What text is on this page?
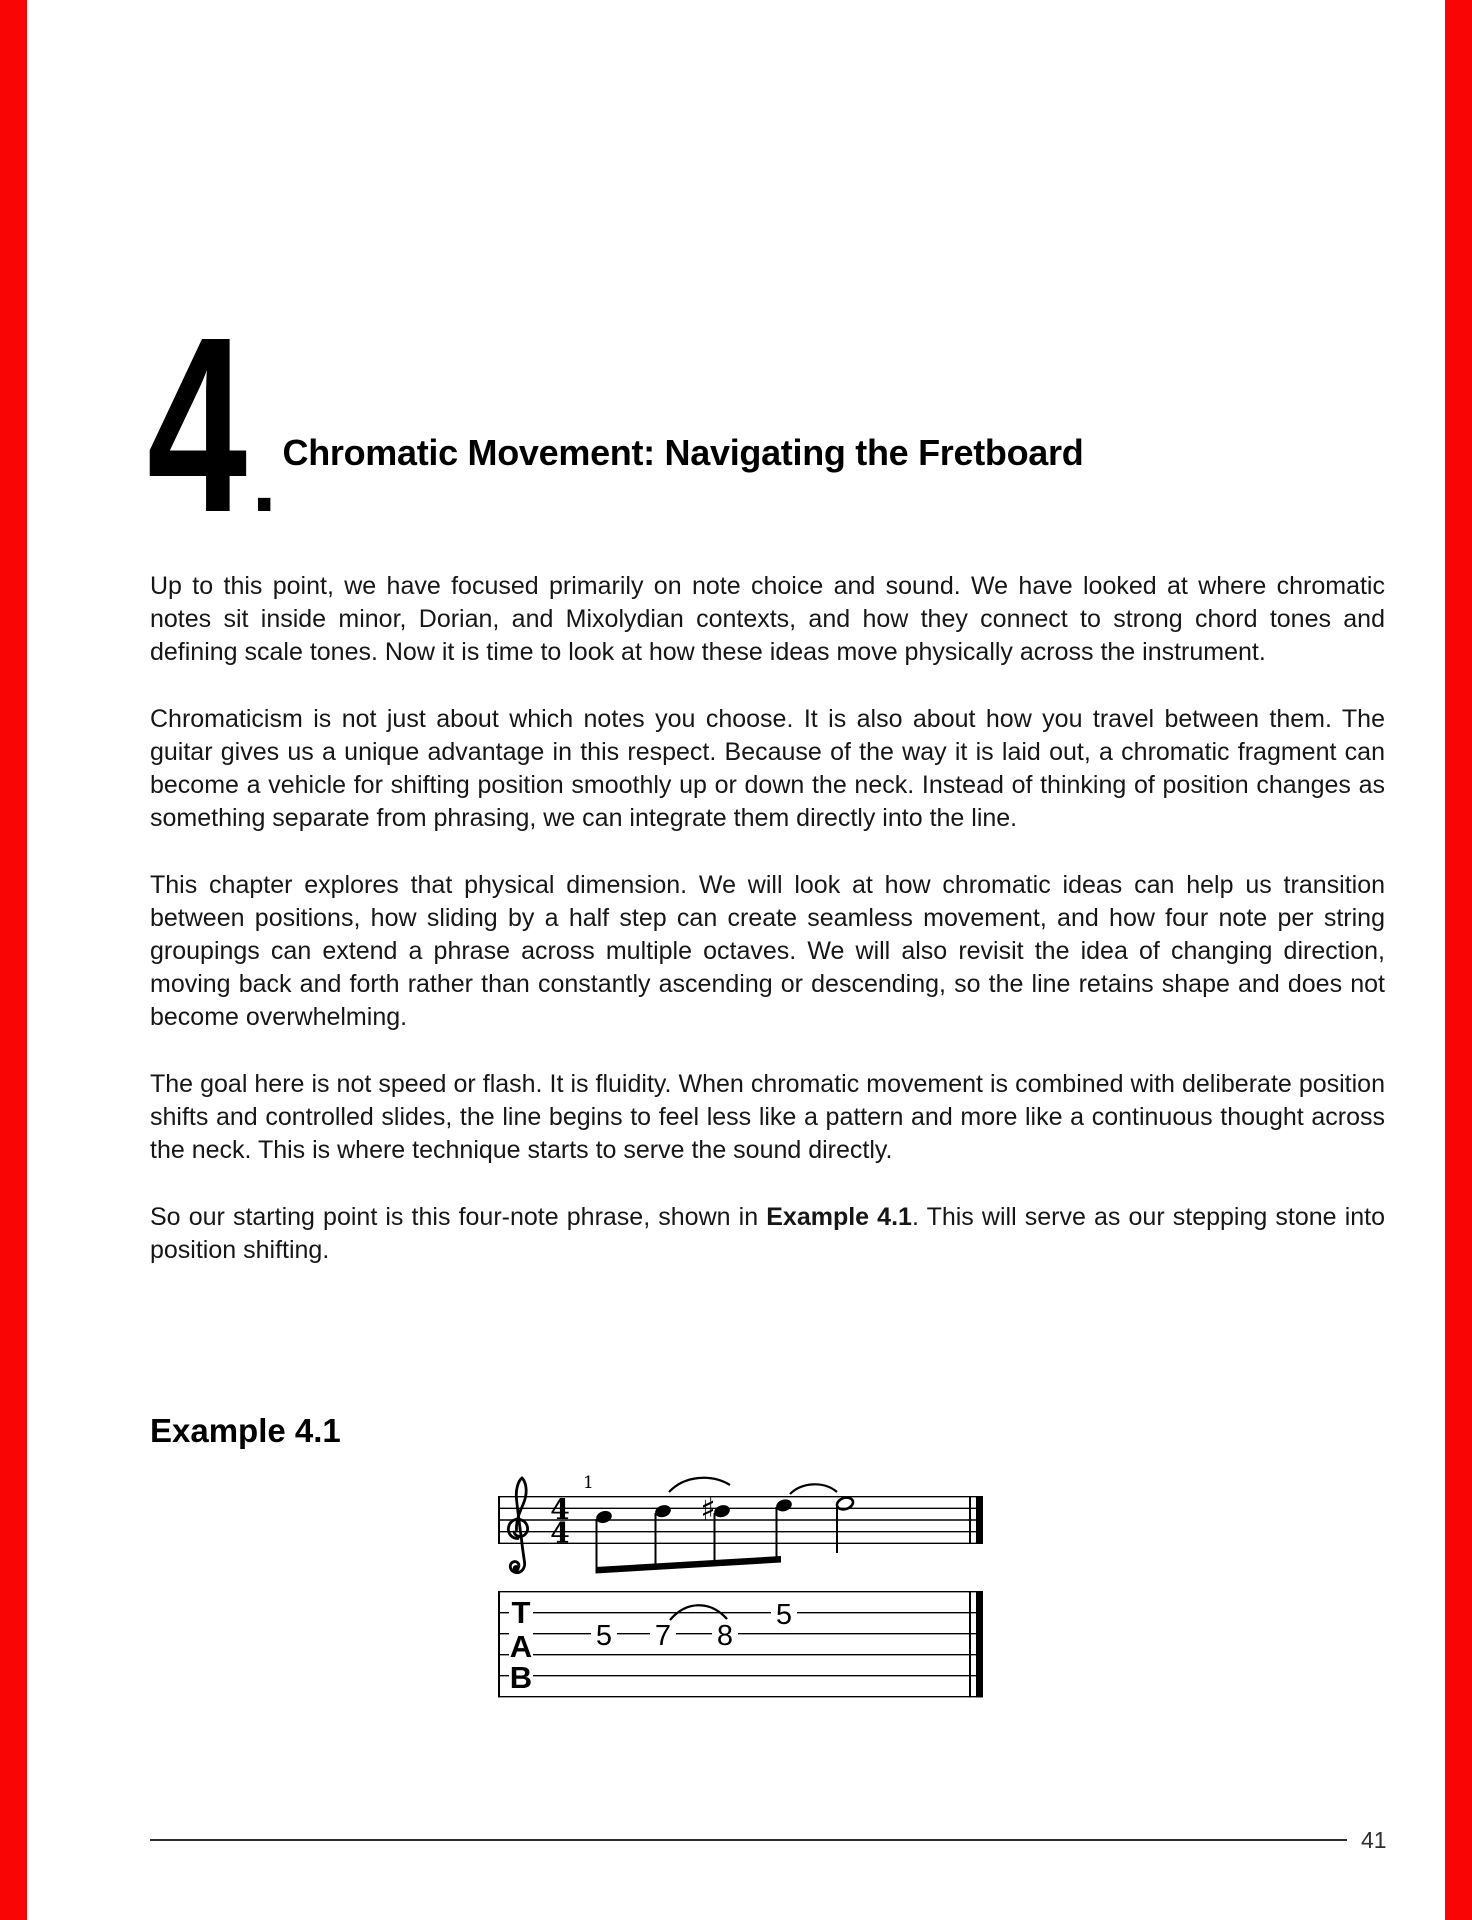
4 . Chromatic Movement: Navigating the Fretboard

Up to this point, we have focused primarily on note choice and sound. We have looked at where chromatic notes sit inside minor, Dorian, and Mixolydian contexts, and how they connect to strong chord tones and defining scale tones. Now it is time to look at how these ideas move physically across the instrument.

Chromaticism is not just about which notes you choose. It is also about how you travel between them. The guitar gives us a unique advantage in this respect. Because of the way it is laid out, a chromatic fragment can become a vehicle for shifting position smoothly up or down the neck. Instead of thinking of position changes as something separate from phrasing, we can integrate them directly into the line.

This chapter explores that physical dimension. We will look at how chromatic ideas can help us transition between positions, how sliding by a half step can create seamless movement, and how four note per string groupings can extend a phrase across multiple octaves. We will also revisit the idea of changing direction, moving back and forth rather than constantly ascending or descending, so the line retains shape and does not become overwhelming.

The goal here is not speed or flash. It is fluidity. When chromatic movement is combined with deliberate position shifts and controlled slides, the line begins to feel less like a pattern and more like a continuous thought across the neck. This is where technique starts to serve the sound directly.

So our starting point is this four-note phrase, shown in Example 4.1. This will serve as our stepping stone into position shifting.

Example 4.1
4
4
1
♯
T
A
B
5 7 8
5
41
